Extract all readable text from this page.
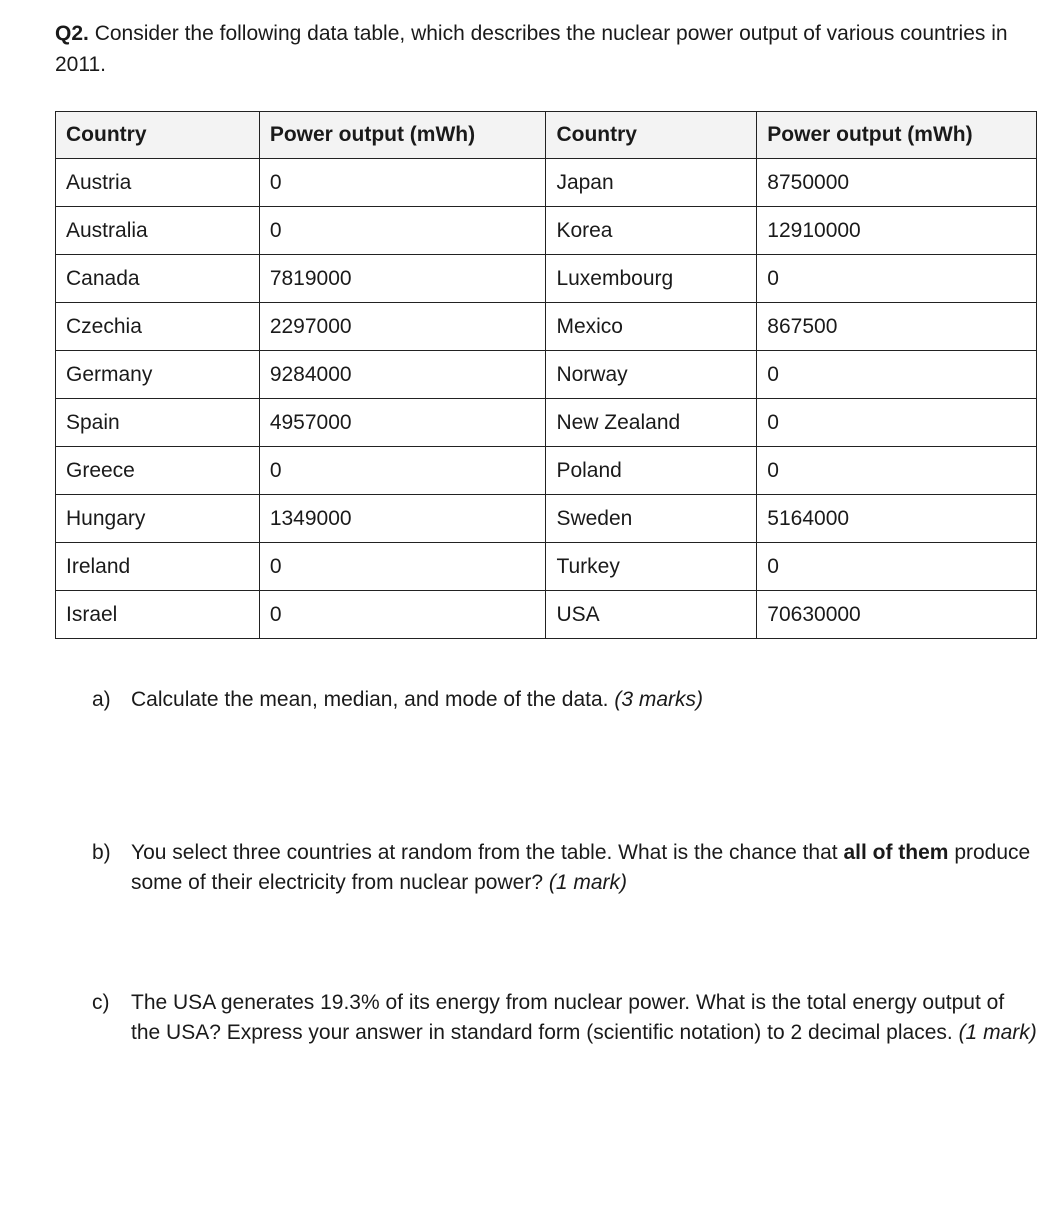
Q2. Consider the following data table, which describes the nuclear power output of various countries in 2011.
Country	Power output (mWh)	Country	Power output (mWh)
Austria	0	Japan	8750000
Australia	0	Korea	12910000
Canada	7819000	Luxembourg	0
Czechia	2297000	Mexico	867500
Germany	9284000	Norway	0
Spain	4957000	New Zealand	0
Greece	0	Poland	0
Hungary	1349000	Sweden	5164000
Ireland	0	Turkey	0
Israel	0	USA	70630000
a) Calculate the mean, median, and mode of the data. (3 marks)
b) You select three countries at random from the table. What is the chance that all of them produce some of their electricity from nuclear power? (1 mark)
c) The USA generates 19.3% of its energy from nuclear power. What is the total energy output of the USA? Express your answer in standard form (scientific notation) to 2 decimal places. (1 mark)
